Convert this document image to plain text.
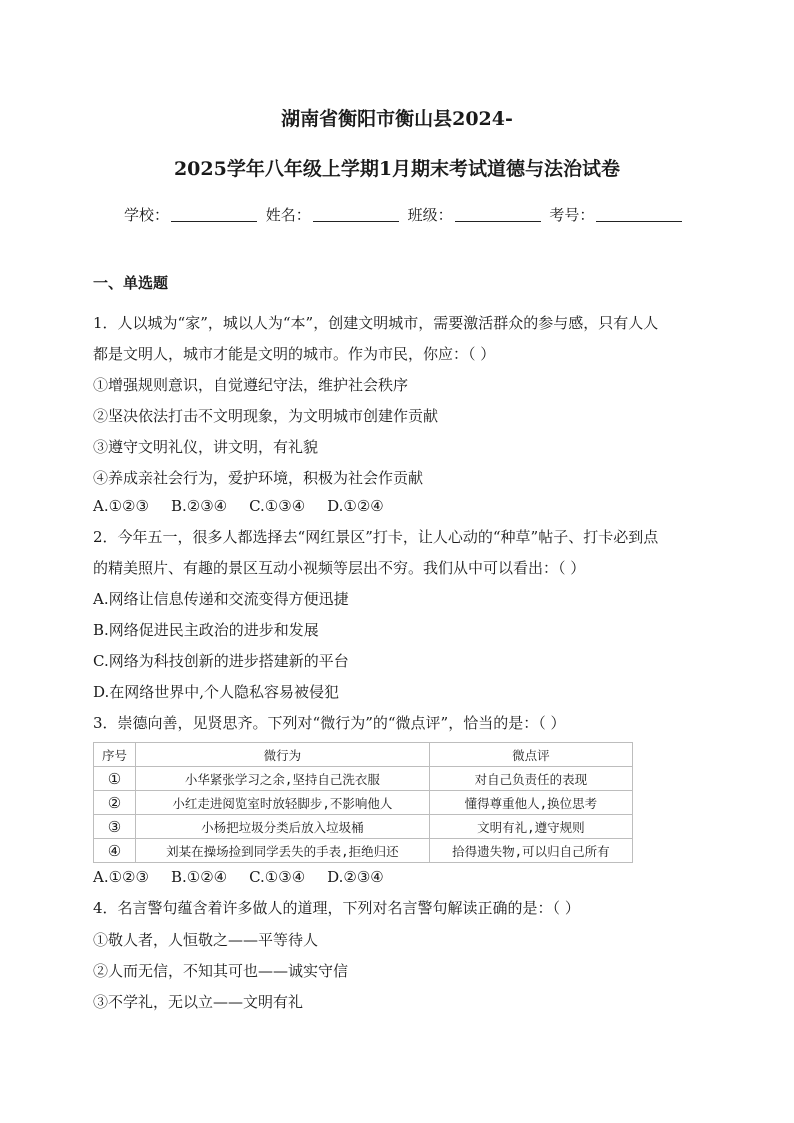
湖南省衡阳市衡山县2024-
2025学年八年级上学期1月期末考试道德与法治试卷
学校：	姓名：	班级：	考号：
一、单选题
1．人以城为“家”，城以人为“本”，创建文明城市，需要激活群众的参与感，只有人人
都是文明人，城市才能是文明的城市。作为市民，你应：（ ）
①增强规则意识，自觉遵纪守法，维护社会秩序
②坚决依法打击不文明现象，为文明城市创建作贡献
③遵守文明礼仪，讲文明，有礼貌
④养成亲社会行为，爱护环境，积极为社会作贡献
A.①②③ B.②③④ C.①③④ D.①②④
2．今年五一，很多人都选择去“网红景区”打卡，让人心动的“种草”帖子、打卡必到点
的精美照片、有趣的景区互动小视频等层出不穷。我们从中可以看出：（ ）
A.网络让信息传递和交流变得方便迅捷
B.网络促进民主政治的进步和发展
C.网络为科技创新的进步搭建新的平台
D.在网络世界中,个人隐私容易被侵犯
3．崇德向善，见贤思齐。下列对“微行为”的“微点评”，恰当的是：（ ）
序号	微行为	微点评
①	小华紧张学习之余,坚持自己洗衣服	对自己负责任的表现
②	小红走进阅览室时放轻脚步,不影响他人	懂得尊重他人,换位思考
③	小杨把垃圾分类后放入垃圾桶	文明有礼,遵守规则
④	刘某在操场捡到同学丢失的手表,拒绝归还	拾得遗失物,可以归自己所有
A.①②③ B.①②④ C.①③④ D.②③④
4．名言警句蕴含着许多做人的道理，下列对名言警句解读正确的是：（ ）
①敬人者，人恒敬之——平等待人
②人而无信，不知其可也——诚实守信
③不学礼，无以立——文明有礼
